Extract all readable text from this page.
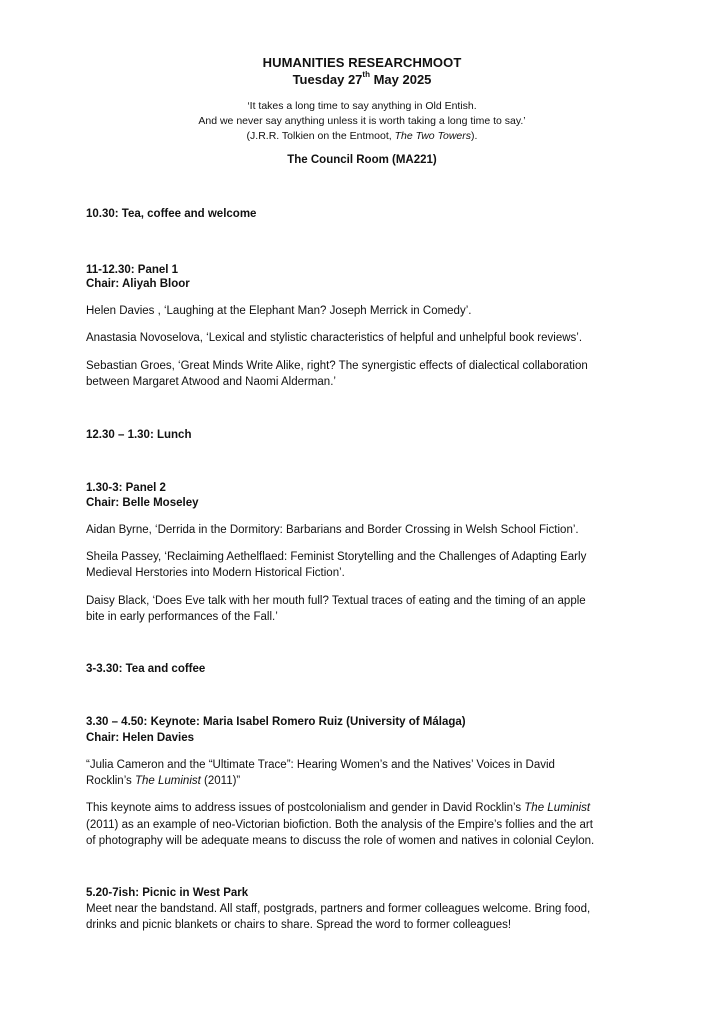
HUMANITIES RESEARCHMOOT
Tuesday 27th May 2025
‘It takes a long time to say anything in Old Entish.
And we never say anything unless it is worth taking a long time to say.’
(J.R.R. Tolkien on the Entmoot, The Two Towers).
The Council Room (MA221)
10.30: Tea, coffee and welcome
11-12.30: Panel 1
Chair: Aliyah Bloor
Helen Davies , ‘Laughing at the Elephant Man? Joseph Merrick in Comedy’.
Anastasia Novoselova, ‘Lexical and stylistic characteristics of helpful and unhelpful book reviews’.
Sebastian Groes, ‘Great Minds Write Alike, right? The synergistic effects of dialectical collaboration
between Margaret Atwood and Naomi Alderman.’
12.30 – 1.30: Lunch
1.30-3: Panel 2
Chair: Belle Moseley
Aidan Byrne, ‘Derrida in the Dormitory: Barbarians and Border Crossing in Welsh School Fiction’.
Sheila Passey, ‘Reclaiming Aethelflaed: Feminist Storytelling and the Challenges of Adapting Early
Medieval Herstories into Modern Historical Fiction’.
Daisy Black, ‘Does Eve talk with her mouth full? Textual traces of eating and the timing of an apple
bite in early performances of the Fall.’
3-3.30: Tea and coffee
3.30 – 4.50: Keynote: Maria Isabel Romero Ruiz (University of Málaga)
Chair: Helen Davies
“Julia Cameron and the “Ultimate Trace”: Hearing Women’s and the Natives’ Voices in David
Rocklin’s The Luminist (2011)”
This keynote aims to address issues of postcolonialism and gender in David Rocklin’s The Luminist
(2011) as an example of neo-Victorian biofiction. Both the analysis of the Empire’s follies and the art
of photography will be adequate means to discuss the role of women and natives in colonial Ceylon.
5.20-7ish: Picnic in West Park
Meet near the bandstand. All staff, postgrads, partners and former colleagues welcome. Bring food,
drinks and picnic blankets or chairs to share. Spread the word to former colleagues!
